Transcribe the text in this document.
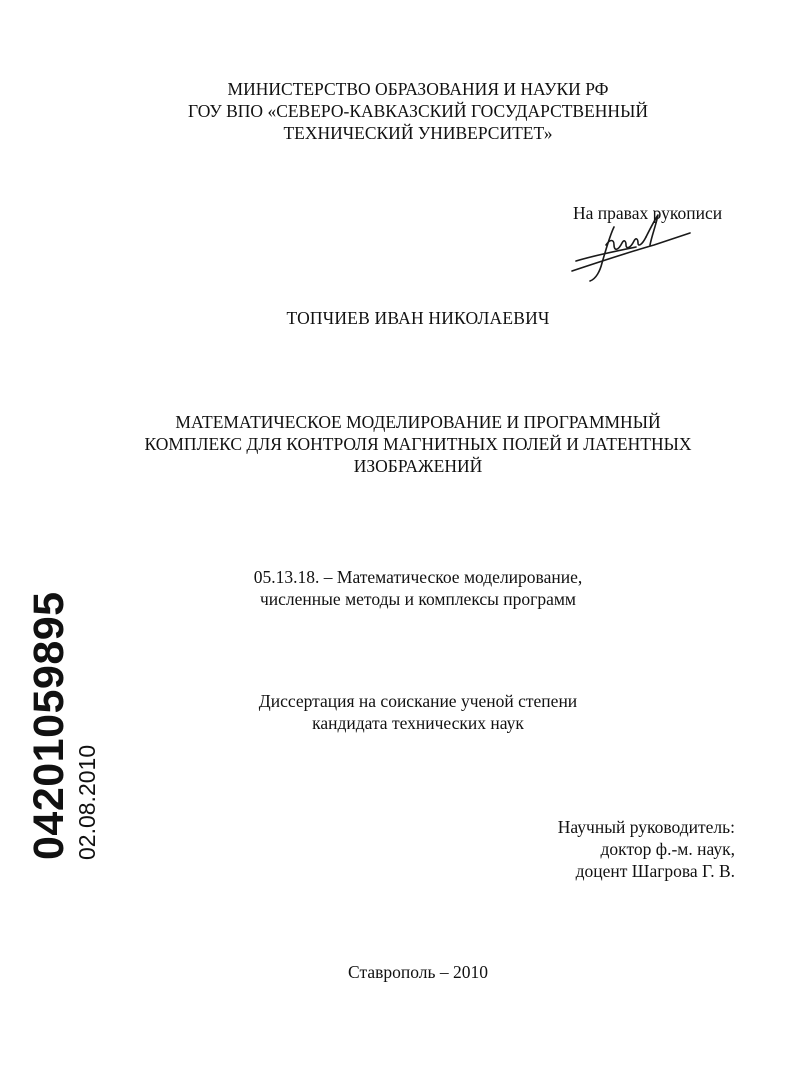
МИНИСТЕРСТВО ОБРАЗОВАНИЯ И НАУКИ РФ
ГОУ ВПО «СЕВЕРО-КАВКАЗСКИЙ ГОСУДАРСТВЕННЫЙ
ТЕХНИЧЕСКИЙ УНИВЕРСИТЕТ»
На правах рукописи
ТОПЧИЕВ ИВАН НИКОЛАЕВИЧ
МАТЕМАТИЧЕСКОЕ МОДЕЛИРОВАНИЕ И ПРОГРАММНЫЙ
КОМПЛЕКС ДЛЯ КОНТРОЛЯ МАГНИТНЫХ ПОЛЕЙ И ЛАТЕНТНЫХ
ИЗОБРАЖЕНИЙ
05.13.18. – Математическое моделирование,
численные методы и комплексы программ
Диссертация на соискание ученой степени
кандидата технических наук
Научный руководитель:
доктор ф.-м. наук,
доцент Шагрова Г. В.
Ставрополь – 2010
04201059895 02.08.2010
